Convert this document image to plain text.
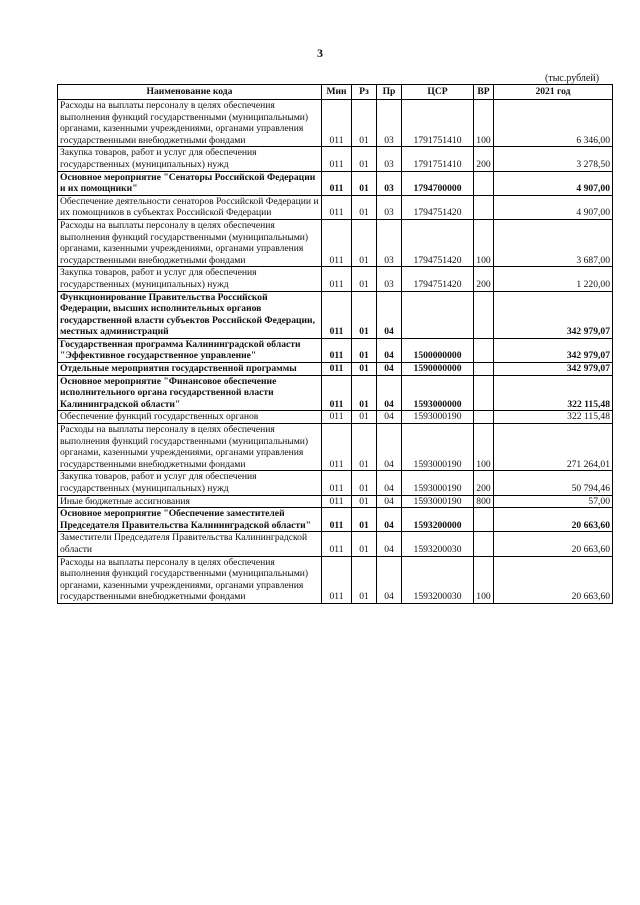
3
(тыс.рублей)
Наименование кода	Мин	Рз	Пр	ЦСР	ВР	2021 год
Расходы на выплаты персоналу в целях обеспечения выполнения функций государственными (муниципальными) органами, казенными учреждениями, органами управления государственными внебюджетными фондами	011	01	03	1791751410	100	6 346,00
Закупка товаров, работ и услуг для обеспечения государственных (муниципальных) нужд	011	01	03	1791751410	200	3 278,50
Основное мероприятие "Сенаторы Российской Федерации и их помощники"	011	01	03	1794700000		4 907,00
Обеспечение деятельности сенаторов Российской Федерации и их помощников в субъектах Российской Федерации	011	01	03	1794751420		4 907,00
Расходы на выплаты персоналу в целях обеспечения выполнения функций государственными (муниципальными) органами, казенными учреждениями, органами управления государственными внебюджетными фондами	011	01	03	1794751420	100	3 687,00
Закупка товаров, работ и услуг для обеспечения государственных (муниципальных) нужд	011	01	03	1794751420	200	1 220,00
Функционирование Правительства Российской Федерации, высших исполнительных органов государственной власти субъектов Российской Федерации, местных администраций	011	01	04			342 979,07
Государственная программа Калининградской области "Эффективное государственное управление"	011	01	04	1500000000		342 979,07
Отдельные мероприятия государственной программы	011	01	04	1590000000		342 979,07
Основное мероприятие "Финансовое обеспечение исполнительного органа государственной власти Калининградской области"	011	01	04	1593000000		322 115,48
Обеспечение функций государственных органов	011	01	04	1593000190		322 115,48
Расходы на выплаты персоналу в целях обеспечения выполнения функций государственными (муниципальными) органами, казенными учреждениями, органами управления государственными внебюджетными фондами	011	01	04	1593000190	100	271 264,01
Закупка товаров, работ и услуг для обеспечения государственных (муниципальных) нужд	011	01	04	1593000190	200	50 794,46
Иные бюджетные ассигнования	011	01	04	1593000190	800	57,00
Основное мероприятие "Обеспечение заместителей Председателя Правительства Калининградской области"	011	01	04	1593200000		20 663,60
Заместители Председателя Правительства Калининградской области	011	01	04	1593200030		20 663,60
Расходы на выплаты персоналу в целях обеспечения выполнения функций государственными (муниципальными) органами, казенными учреждениями, органами управления государственными внебюджетными фондами	011	01	04	1593200030	100	20 663,60
